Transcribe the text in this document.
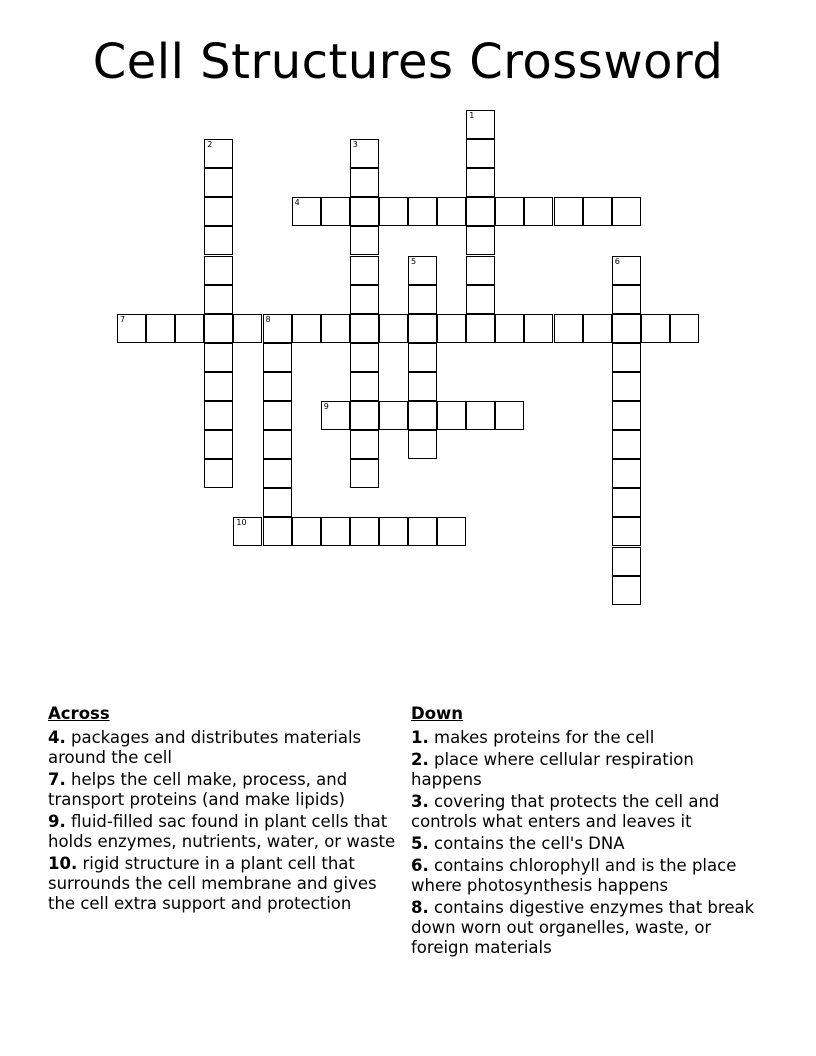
Cell Structures Crossword
1
2	3
4
5	6
7	8
9
10
Across
4. packages and distributes materials around the cell
7. helps the cell make, process, and transport proteins (and make lipids)
9. fluid-filled sac found in plant cells that holds enzymes, nutrients, water, or waste
10. rigid structure in a plant cell that surrounds the cell membrane and gives the cell extra support and protection
Down
1. makes proteins for the cell
2. place where cellular respiration happens
3. covering that protects the cell and controls what enters and leaves it
5. contains the cell's DNA
6. contains chlorophyll and is the place where photosynthesis happens
8. contains digestive enzymes that break down worn out organelles, waste, or foreign materials
